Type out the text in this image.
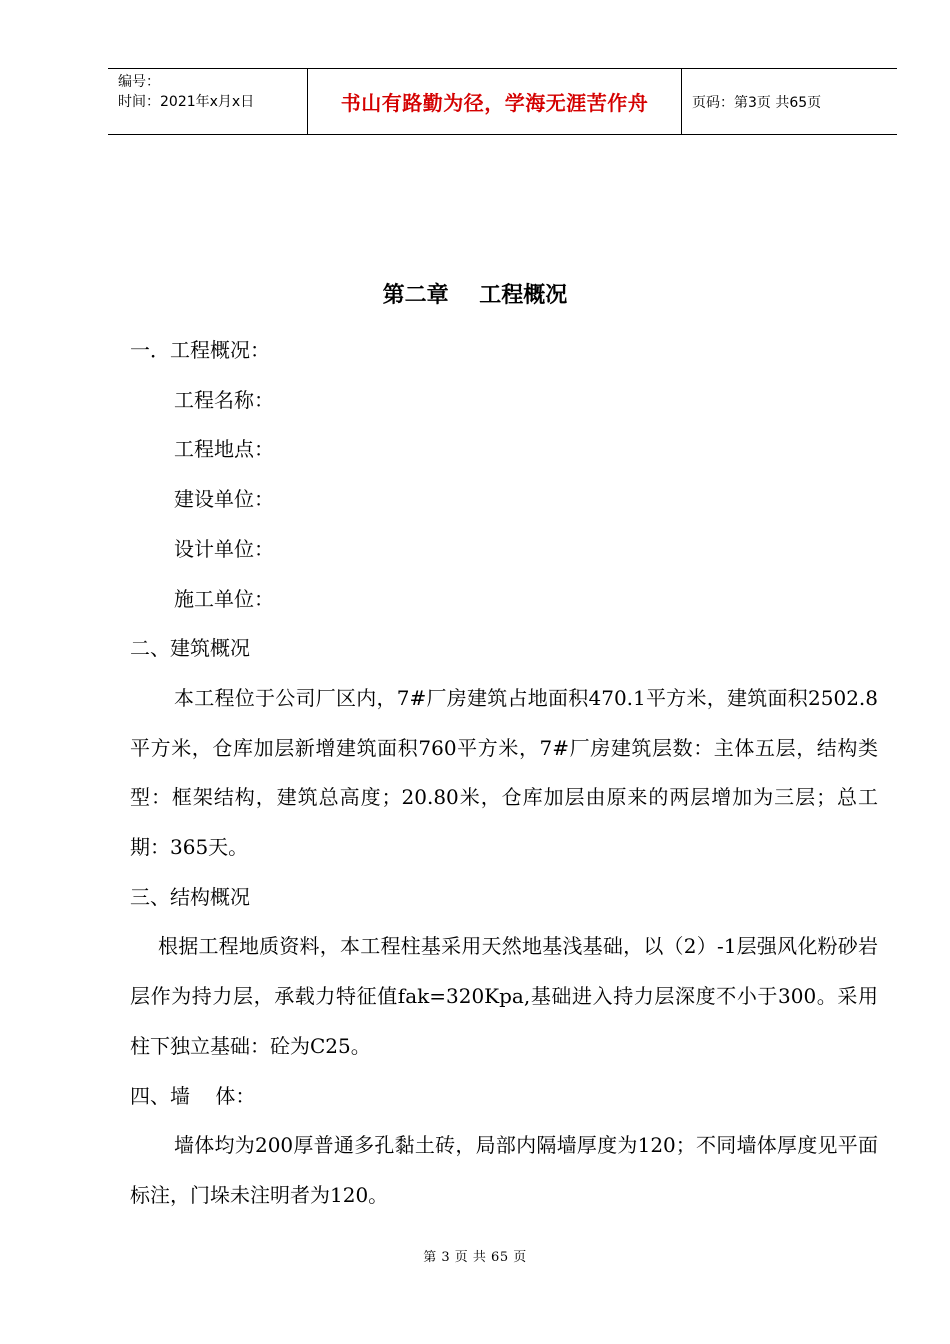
编号：
时间：2021年x月x日	书山有路勤为径，学海无涯苦作舟	页码：第3页 共65页
第二章    工程概况

一．工程概况：

工程名称：

工程地点：

建设单位：

设计单位：

施工单位：

二、建筑概况

本工程位于公司厂区内，7#厂房建筑占地面积470.1平方米，建筑面积2502.8平方米，仓库加层新增建筑面积760平方米，7#厂房建筑层数：主体五层，结构类型：框架结构，建筑总高度；20.80米，仓库加层由原来的两层增加为三层；总工期：365天。

三、结构概况

根据工程地质资料，本工程柱基采用天然地基浅基础，以（2）-1层强风化粉砂岩层作为持力层，承载力特征值fak=320Kpa,基础进入持力层深度不小于300。采用柱下独立基础：砼为C25。

四、墙    体：

墙体均为200厚普通多孔黏土砖，局部内隔墙厚度为120；不同墙体厚度见平面标注，门垛未注明者为120。

第 3 页 共 65 页
